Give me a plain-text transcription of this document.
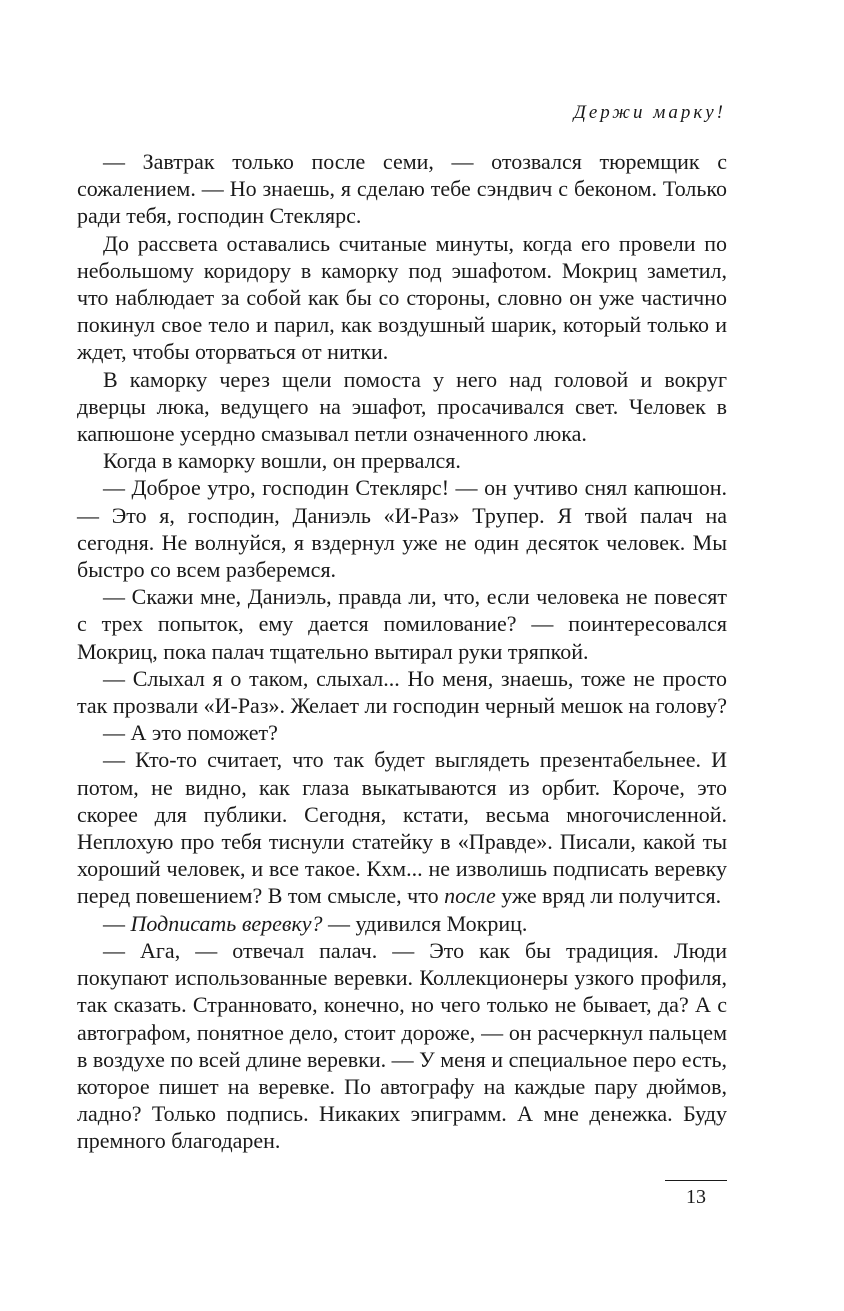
Держи марку!

— Завтрак только после семи, — отозвался тюремщик с сожалением. — Но знаешь, я сделаю тебе сэндвич с беконом. Только ради тебя, господин Стеклярс.

До рассвета оставались считаные минуты, когда его провели по небольшому коридору в каморку под эшафотом. Мокриц заметил, что наблюдает за собой как бы со стороны, словно он уже частично покинул свое тело и парил, как воздушный шарик, который только и ждет, чтобы оторваться от нитки.

В каморку через щели помоста у него над головой и вокруг дверцы люка, ведущего на эшафот, просачивался свет. Человек в капюшоне усердно смазывал петли означенного люка.

Когда в каморку вошли, он прервался.

— Доброе утро, господин Стеклярс! — он учтиво снял капюшон. — Это я, господин, Даниэль «И-Раз» Трупер. Я твой палач на сегодня. Не волнуйся, я вздернул уже не один десяток человек. Мы быстро со всем разберемся.

— Скажи мне, Даниэль, правда ли, что, если человека не повесят с трех попыток, ему дается помилование? — поинтересовался Мокриц, пока палач тщательно вытирал руки тряпкой.

— Слыхал я о таком, слыхал... Но меня, знаешь, тоже не просто так прозвали «И-Раз». Желает ли господин черный мешок на голову?

— А это поможет?

— Кто-то считает, что так будет выглядеть презентабельнее. И потом, не видно, как глаза выкатываются из орбит. Короче, это скорее для публики. Сегодня, кстати, весьма многочисленной. Неплохую про тебя тиснули статейку в «Правде». Писали, какой ты хороший человек, и все такое. Кхм... не изволишь подписать веревку перед повешением? В том смысле, что после уже вряд ли получится.

— Подписать веревку? — удивился Мокриц.

— Ага, — отвечал палач. — Это как бы традиция. Люди покупают использованные веревки. Коллекционеры узкого профиля, так сказать. Странновато, конечно, но чего только не бывает, да? А с автографом, понятное дело, стоит дороже, — он расчеркнул пальцем в воздухе по всей длине веревки. — У меня и специальное перо есть, которое пишет на веревке. По автографу на каждые пару дюймов, ладно? Только подпись. Никаких эпиграмм. А мне денежка. Буду премного благодарен.

13
